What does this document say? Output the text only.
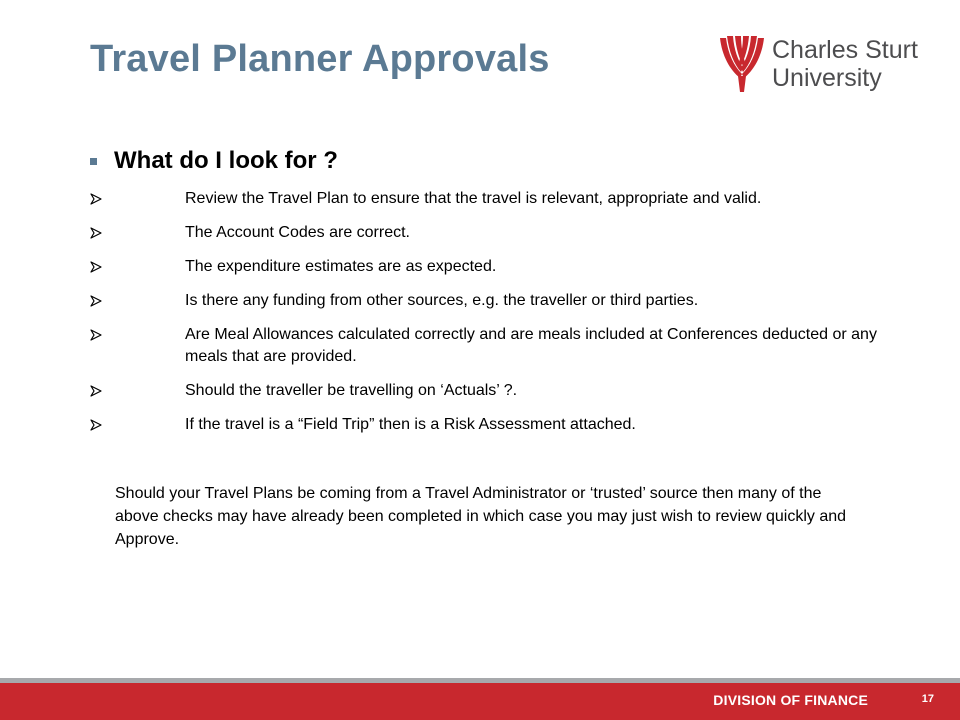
Travel Planner Approvals	Charles Sturt
University
What do I look for ?
Review the Travel Plan to ensure that the travel is relevant, appropriate and valid.
The Account Codes are correct.
The expenditure estimates are as expected.
Is there any funding from other sources, e.g. the traveller or third parties.
Are Meal Allowances calculated correctly and are meals included at Conferences deducted or any meals that are provided.
Should the traveller be travelling on ‘Actuals’ ?.
If the travel is a “Field Trip” then is a Risk Assessment attached.

Should your Travel Plans be coming from a Travel Administrator or ‘trusted’ source then many of the above checks may have already been completed in which case you may just wish to review quickly and Approve.

DIVISION OF FINANCE	17
